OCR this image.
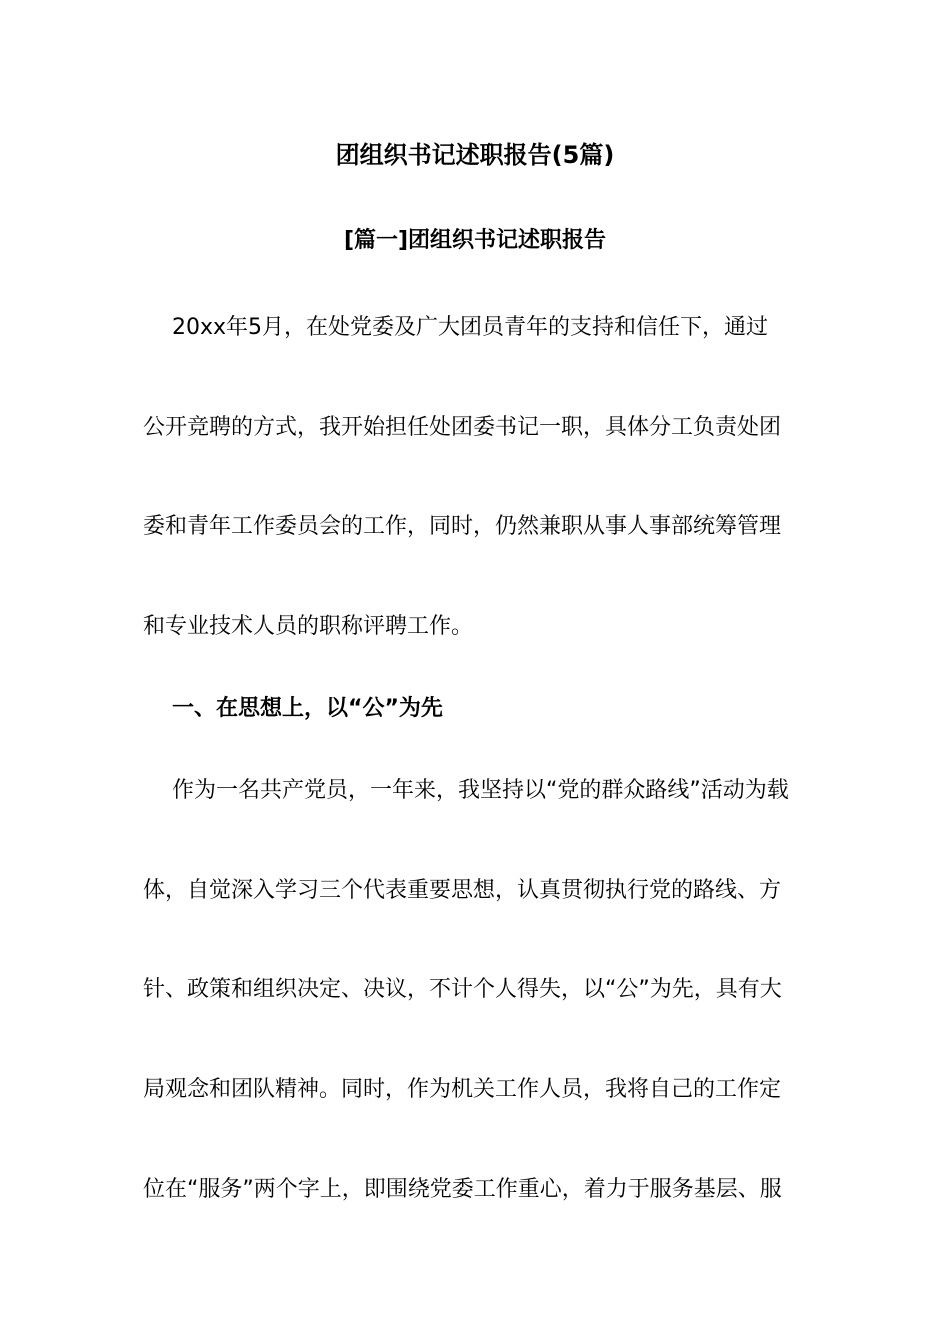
团组织书记述职报告(5篇)
[篇一]团组织书记述职报告
20xx年5月，在处党委及广大团员青年的支持和信任下，通过
公开竞聘的方式，我开始担任处团委书记一职，具体分工负责处团
委和青年工作委员会的工作，同时，仍然兼职从事人事部统筹管理
和专业技术人员的职称评聘工作。
一、在思想上，以“公”为先
作为一名共产党员，一年来，我坚持以“党的群众路线”活动为载
体，自觉深入学习三个代表重要思想，认真贯彻执行党的路线、方
针、政策和组织决定、决议，不计个人得失，以“公”为先，具有大
局观念和团队精神。同时，作为机关工作人员，我将自己的工作定
位在“服务”两个字上，即围绕党委工作重心，着力于服务基层、服
